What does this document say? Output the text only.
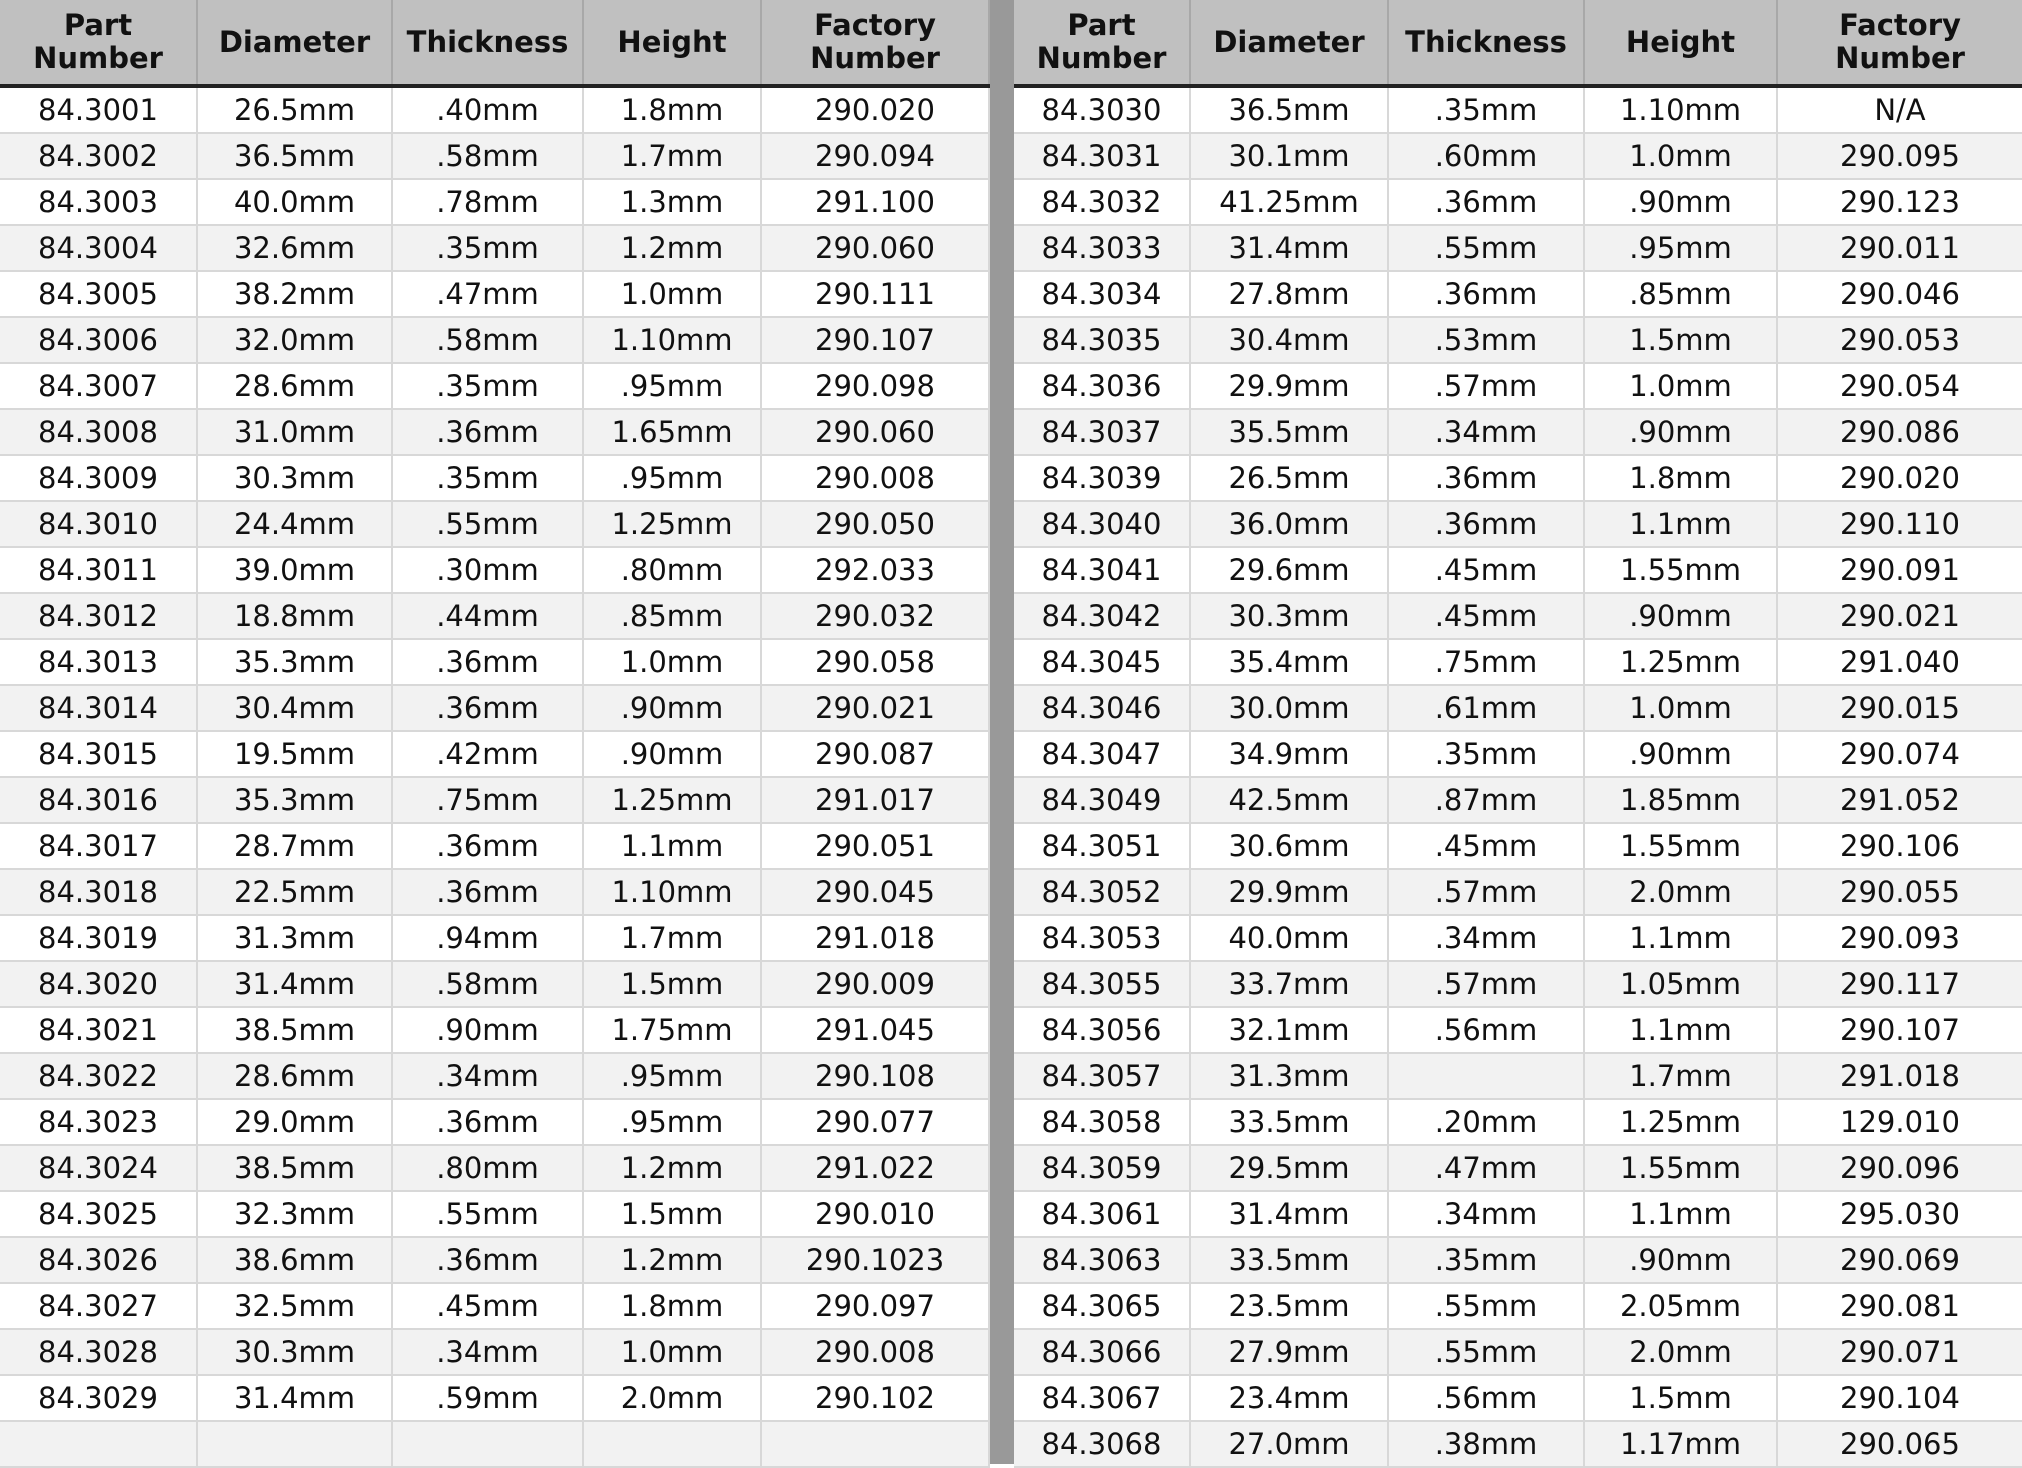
Part
Number	Diameter	Thickness	Height	Factory
Number
84.3001	26.5mm	.40mm	1.8mm	290.020
84.3002	36.5mm	.58mm	1.7mm	290.094
84.3003	40.0mm	.78mm	1.3mm	291.100
84.3004	32.6mm	.35mm	1.2mm	290.060
84.3005	38.2mm	.47mm	1.0mm	290.111
84.3006	32.0mm	.58mm	1.10mm	290.107
84.3007	28.6mm	.35mm	.95mm	290.098
84.3008	31.0mm	.36mm	1.65mm	290.060
84.3009	30.3mm	.35mm	.95mm	290.008
84.3010	24.4mm	.55mm	1.25mm	290.050
84.3011	39.0mm	.30mm	.80mm	292.033
84.3012	18.8mm	.44mm	.85mm	290.032
84.3013	35.3mm	.36mm	1.0mm	290.058
84.3014	30.4mm	.36mm	.90mm	290.021
84.3015	19.5mm	.42mm	.90mm	290.087
84.3016	35.3mm	.75mm	1.25mm	291.017
84.3017	28.7mm	.36mm	1.1mm	290.051
84.3018	22.5mm	.36mm	1.10mm	290.045
84.3019	31.3mm	.94mm	1.7mm	291.018
84.3020	31.4mm	.58mm	1.5mm	290.009
84.3021	38.5mm	.90mm	1.75mm	291.045
84.3022	28.6mm	.34mm	.95mm	290.108
84.3023	29.0mm	.36mm	.95mm	290.077
84.3024	38.5mm	.80mm	1.2mm	291.022
84.3025	32.3mm	.55mm	1.5mm	290.010
84.3026	38.6mm	.36mm	1.2mm	290.1023
84.3027	32.5mm	.45mm	1.8mm	290.097
84.3028	30.3mm	.34mm	1.0mm	290.008
84.3029	31.4mm	.59mm	2.0mm	290.102

Part
Number	Diameter	Thickness	Height	Factory
Number
84.3030	36.5mm	.35mm	1.10mm	N/A
84.3031	30.1mm	.60mm	1.0mm	290.095
84.3032	41.25mm	.36mm	.90mm	290.123
84.3033	31.4mm	.55mm	.95mm	290.011
84.3034	27.8mm	.36mm	.85mm	290.046
84.3035	30.4mm	.53mm	1.5mm	290.053
84.3036	29.9mm	.57mm	1.0mm	290.054
84.3037	35.5mm	.34mm	.90mm	290.086
84.3039	26.5mm	.36mm	1.8mm	290.020
84.3040	36.0mm	.36mm	1.1mm	290.110
84.3041	29.6mm	.45mm	1.55mm	290.091
84.3042	30.3mm	.45mm	.90mm	290.021
84.3045	35.4mm	.75mm	1.25mm	291.040
84.3046	30.0mm	.61mm	1.0mm	290.015
84.3047	34.9mm	.35mm	.90mm	290.074
84.3049	42.5mm	.87mm	1.85mm	291.052
84.3051	30.6mm	.45mm	1.55mm	290.106
84.3052	29.9mm	.57mm	2.0mm	290.055
84.3053	40.0mm	.34mm	1.1mm	290.093
84.3055	33.7mm	.57mm	1.05mm	290.117
84.3056	32.1mm	.56mm	1.1mm	290.107
84.3057	31.3mm		1.7mm	291.018
84.3058	33.5mm	.20mm	1.25mm	129.010
84.3059	29.5mm	.47mm	1.55mm	290.096
84.3061	31.4mm	.34mm	1.1mm	295.030
84.3063	33.5mm	.35mm	.90mm	290.069
84.3065	23.5mm	.55mm	2.05mm	290.081
84.3066	27.9mm	.55mm	2.0mm	290.071
84.3067	23.4mm	.56mm	1.5mm	290.104
84.3068	27.0mm	.38mm	1.17mm	290.065
